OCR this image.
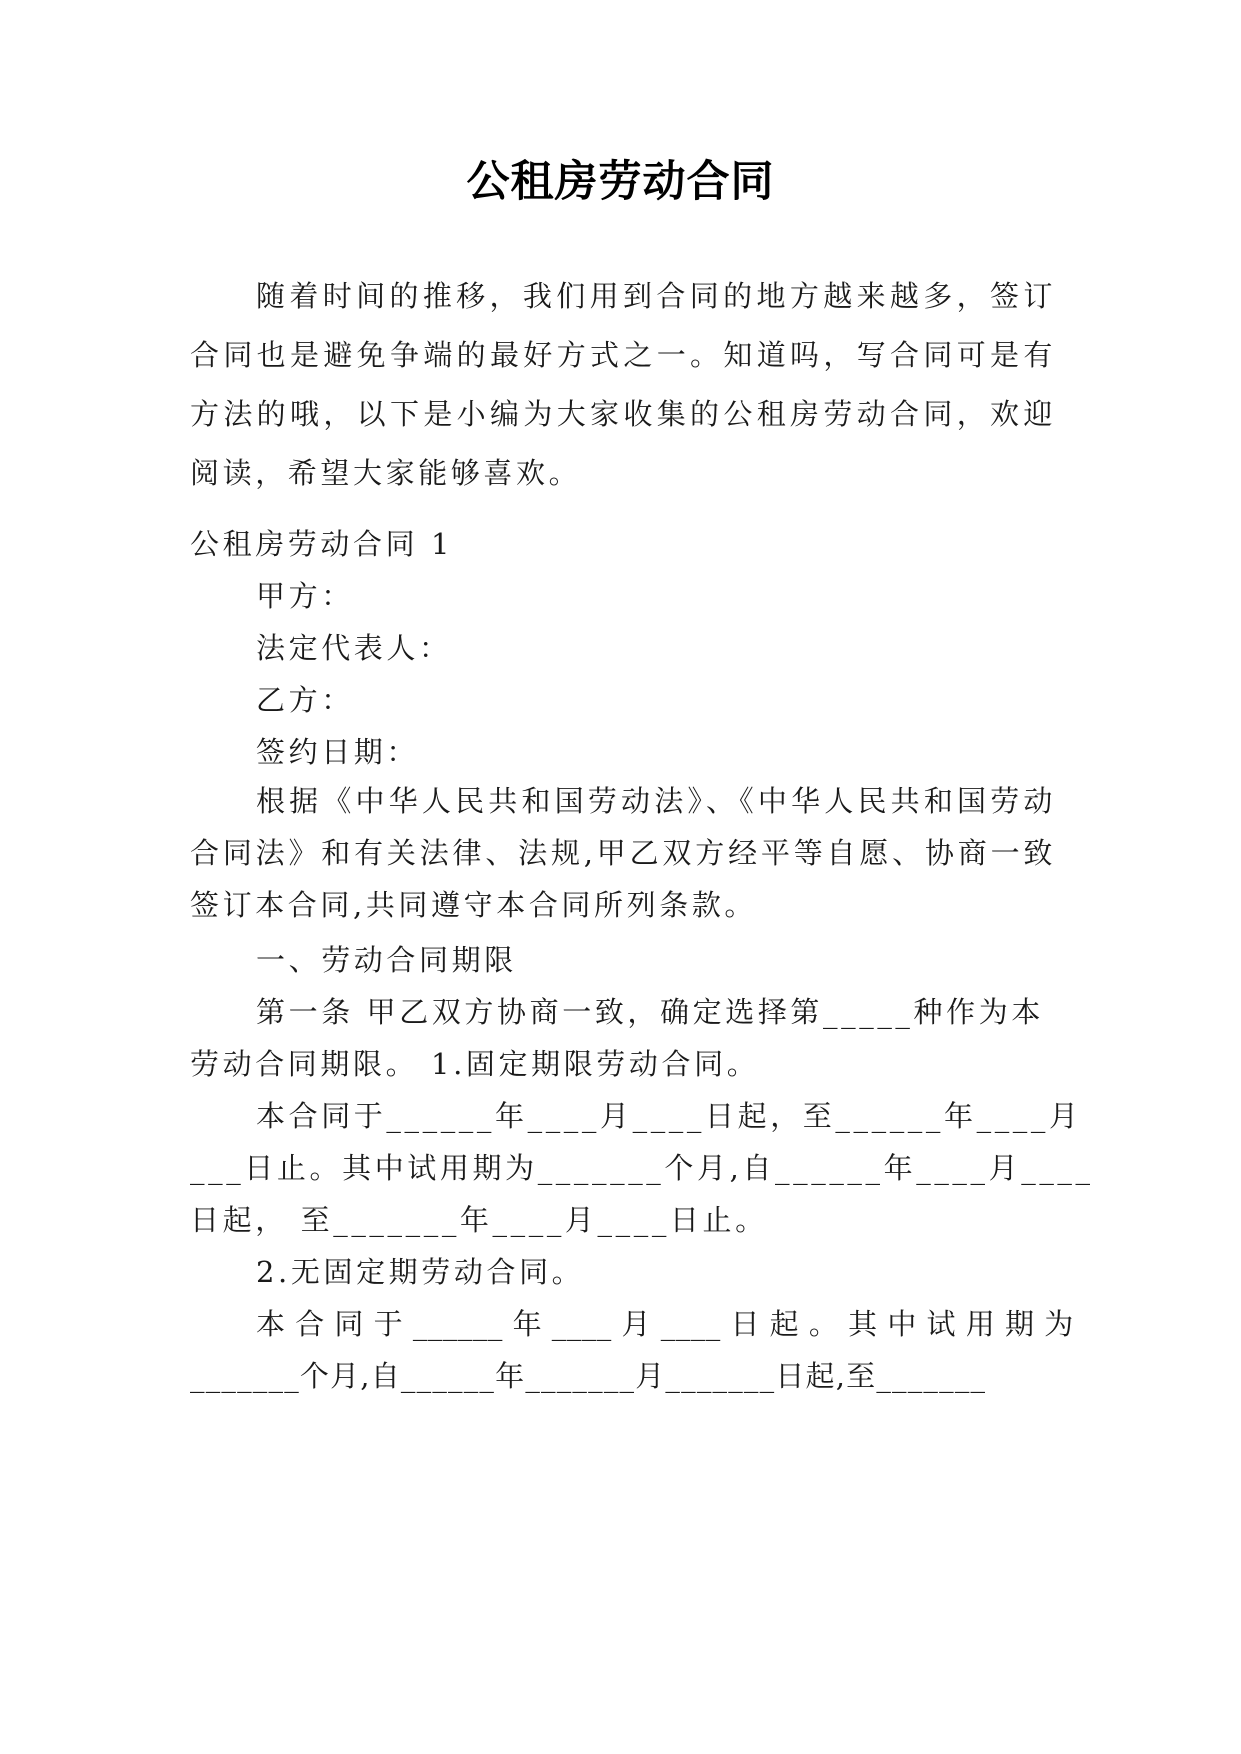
公租房劳动合同
随着时间的推移，我们用到合同的地方越来越多，签订合同也是避免争端的最好方式之一。知道吗，写合同可是有方法的哦，以下是小编为大家收集的公租房劳动合同，欢迎阅读，希望大家能够喜欢。
公租房劳动合同 1
甲方：
法定代表人：
乙方：
签约日期：
根据《中华人民共和国劳动法》、《中华人民共和国劳动合同法》和有关法律、法规,甲乙双方经平等自愿、协商一致签订本合同,共同遵守本合同所列条款。
一、劳动合同期限
第一条 甲乙双方协商一致，确定选择第_____种作为本
劳动合同期限。 1.固定期限劳动合同。
本合同于______年____月____日起，至______年____月
___日止。其中试用期为_______个月,自______年____月____
日起， 至_______年____月____日止。
2.无固定期劳动合同。
本 合 同 于 ______ 年 ____ 月 ____ 日 起 。 其 中 试 用 期 为
_______个月,自______年_______月_______日起,至_______
